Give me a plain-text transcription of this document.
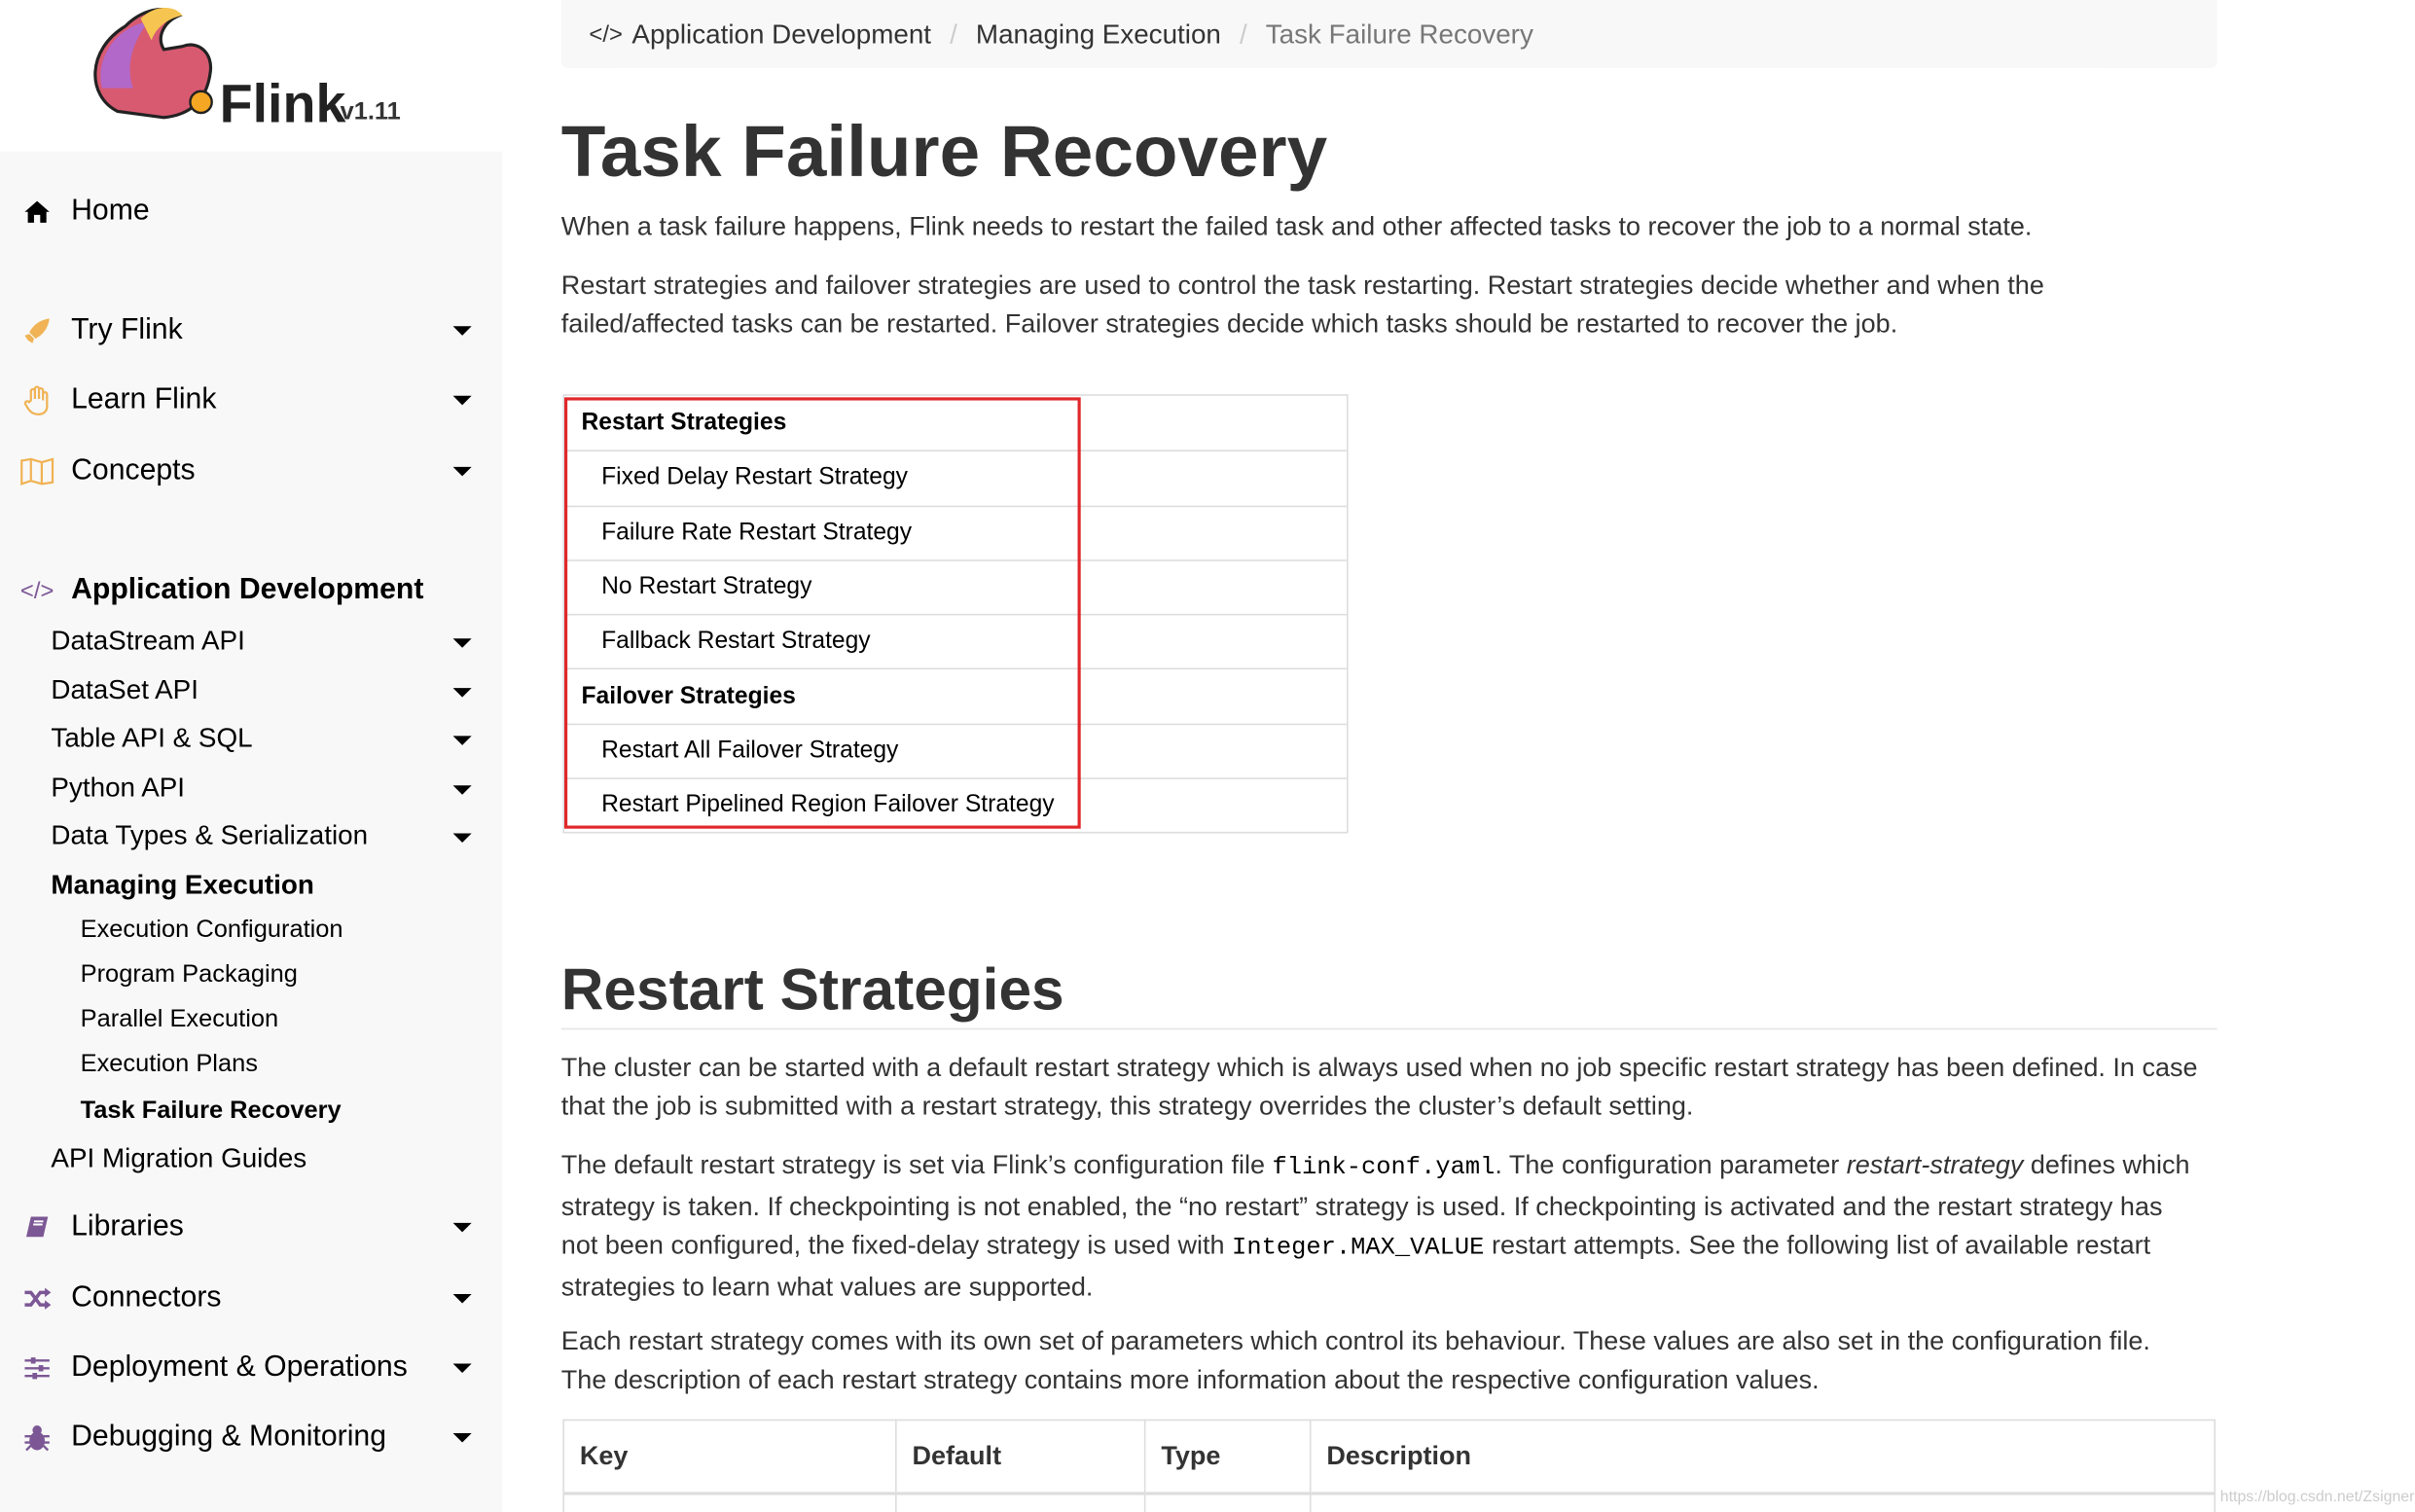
Flink
v1.11
Home
Try Flink
Learn Flink
Concepts
</> Application Development
DataStream API
DataSet API
Table API & SQL
Python API
Data Types & Serialization
Managing Execution
Execution Configuration
Program Packaging
Parallel Execution
Execution Plans
Task Failure Recovery
API Migration Guides
Libraries
Connectors
Deployment & Operations
Debugging & Monitoring
</> Application Development / Managing Execution / Task Failure Recovery
Task Failure Recovery

When a task failure happens, Flink needs to restart the failed task and other affected tasks to recover the job to a normal state.

Restart strategies and failover strategies are used to control the task restarting. Restart strategies decide whether and when the failed/affected tasks can be restarted. Failover strategies decide which tasks should be restarted to recover the job.

Restart Strategies
Fixed Delay Restart Strategy
Failure Rate Restart Strategy
No Restart Strategy
Fallback Restart Strategy
Failover Strategies
Restart All Failover Strategy
Restart Pipelined Region Failover Strategy
Restart Strategies

The cluster can be started with a default restart strategy which is always used when no job specific restart strategy has been defined. In case that the job is submitted with a restart strategy, this strategy overrides the cluster’s default setting.

The default restart strategy is set via Flink’s configuration file flink-conf.yaml. The configuration parameter restart-strategy defines which strategy is taken. If checkpointing is not enabled, the “no restart” strategy is used. If checkpointing is activated and the restart strategy has not been configured, the fixed-delay strategy is used with Integer.MAX_VALUE restart attempts. See the following list of available restart strategies to learn what values are supported.

Each restart strategy comes with its own set of parameters which control its behaviour. These values are also set in the configuration file. The description of each restart strategy contains more information about the respective configuration values.

Key	Default	Type	Description

https://blog.csdn.net/Zsigner
